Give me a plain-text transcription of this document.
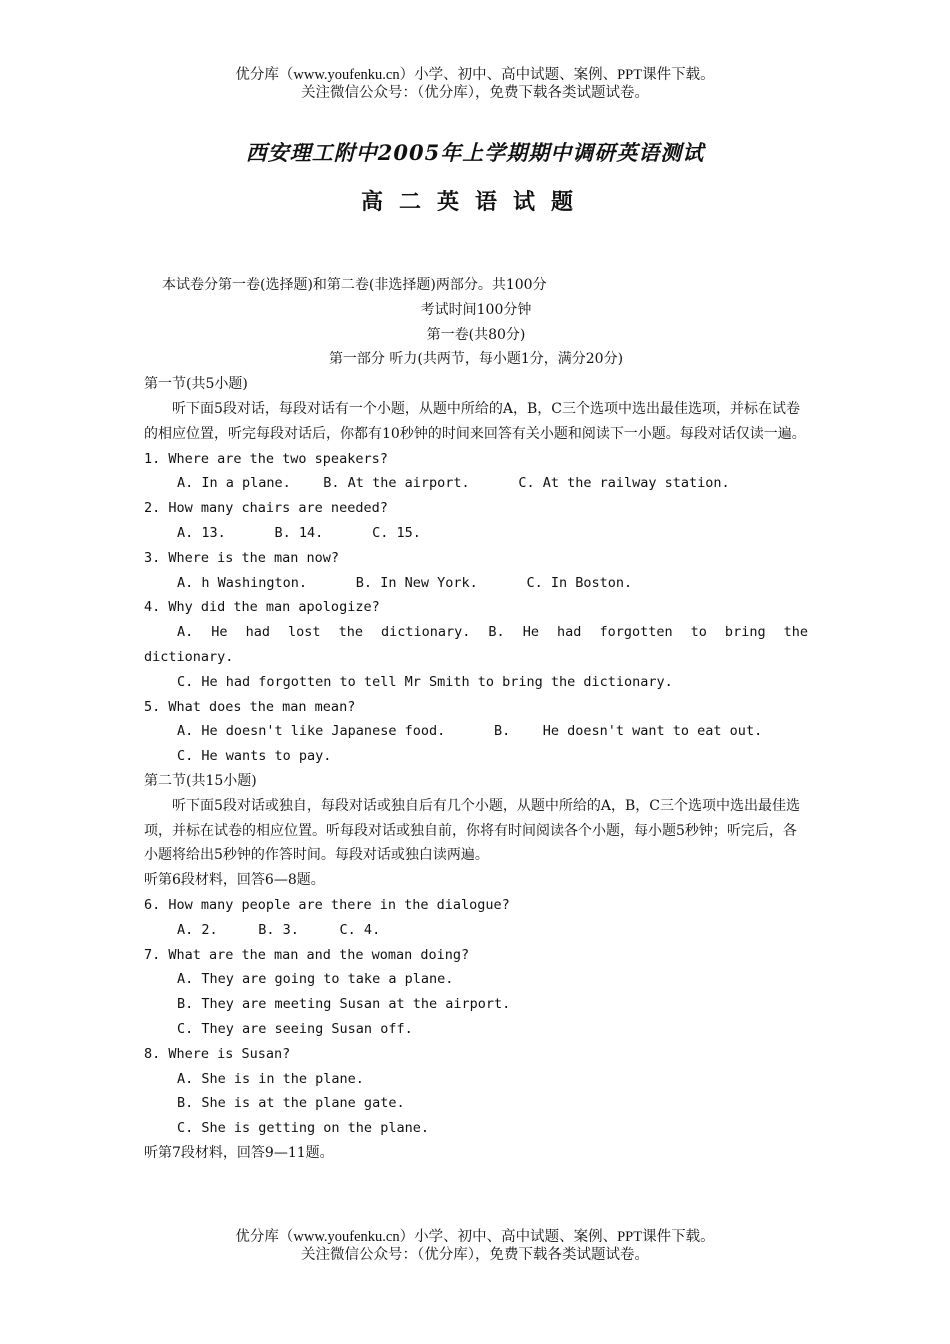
优分库（www.youfenku.cn）小学、初中、高中试题、案例、PPT课件下载。
关注微信公众号：（优分库），免费下载各类试题试卷。
西安理工附中2005年上学期期中调研英语测试
高二英语试题
本试卷分第一卷(选择题)和第二卷(非选择题)两部分。共100分
考试时间100分钟
第一卷(共80分)
第一部分 听力(共两节，每小题1分，满分20分)
第一节(共5小题)
听下面5段对话，每段对话有一个小题，从题中所给的A，B，C三个选项中选出最佳选项，并标在试卷的相应位置，听完每段对话后，你都有10秒钟的时间来回答有关小题和阅读下一小题。每段对话仅读一遍。
1. Where are the two speakers?
A. In a plane.    B. At the airport.      C. At the railway station.
2. How many chairs are needed?
A. 13.      B. 14.      C. 15.
3. Where is the man now?
A. h Washington.      B. In New York.      C. In Boston.
4. Why did the man apologize?
A. He had lost the dictionary. B. He had forgotten to bring the
dictionary.
C. He had forgotten to tell Mr Smith to bring the dictionary.
5. What does the man mean?
A. He doesn't like Japanese food.      B.    He doesn't want to eat out.
C. He wants to pay.
第二节(共15小题)
听下面5段对话或独自，每段对话或独自后有几个小题，从题中所给的A，B，C三个选项中选出最佳选项，并标在试卷的相应位置。听每段对话或独自前，你将有时间阅读各个小题，每小题5秒钟；听完后，各小题将给出5秒钟的作答时间。每段对话或独白读两遍。
听第6段材料，回答6—8题。
6. How many people are there in the dialogue?
A. 2.     B. 3.     C. 4.
7. What are the man and the woman doing?
A. They are going to take a plane.
B. They are meeting Susan at the airport.
C. They are seeing Susan off.
8. Where is Susan?
A. She is in the plane.
B. She is at the plane gate.
C. She is getting on the plane.
听第7段材料，回答9—11题。
优分库（www.youfenku.cn）小学、初中、高中试题、案例、PPT课件下载。
关注微信公众号：（优分库），免费下载各类试题试卷。
